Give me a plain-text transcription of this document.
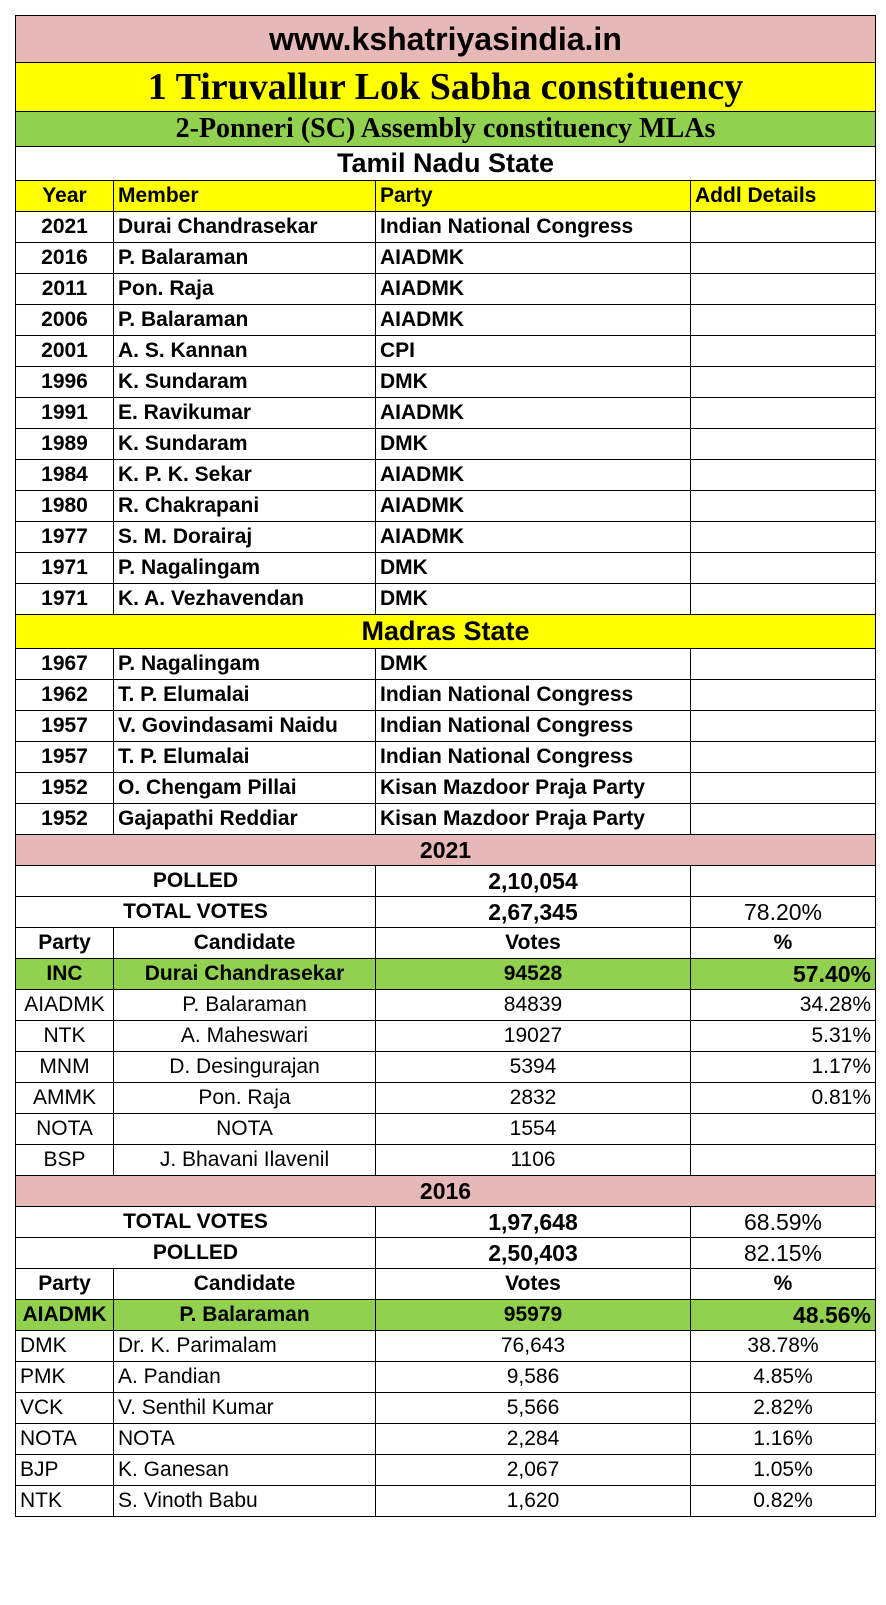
www.kshatriyasindia.in			
1 Tiruvallur Lok Sabha constituency			
2-Ponneri (SC) Assembly constituency MLAs			
Tamil Nadu State			
Year	Member	Party	Addl Details
2021	Durai Chandrasekar	Indian National Congress	
2016	P. Balaraman	AIADMK	
2011	Pon. Raja	AIADMK	
2006	P. Balaraman	AIADMK	
2001	A. S. Kannan	CPI	
1996	K. Sundaram	DMK	
1991	E. Ravikumar	AIADMK	
1989	K. Sundaram	DMK	
1984	K. P. K. Sekar	AIADMK	
1980	R. Chakrapani	AIADMK	
1977	S. M. Dorairaj	AIADMK	
1971	P. Nagalingam	DMK	
1971	K. A. Vezhavendan	DMK	
Madras State			
1967	P. Nagalingam	DMK	
1962	T. P. Elumalai	Indian National Congress	
1957	V. Govindasami Naidu	Indian National Congress	
1957	T. P. Elumalai	Indian National Congress	
1952	O. Chengam Pillai	Kisan Mazdoor Praja Party	
1952	Gajapathi Reddiar	Kisan Mazdoor Praja Party	
2021			
POLLED		2,10,054	
TOTAL VOTES		2,67,345	78.20%
Party	Candidate	Votes	%
INC	Durai Chandrasekar	94528	57.40%
AIADMK	P. Balaraman	84839	34.28%
NTK	A. Maheswari	19027	5.31%
MNM	D. Desingurajan	5394	1.17%
AMMK	Pon. Raja	2832	0.81%
NOTA	NOTA	1554	
BSP	J. Bhavani Ilavenil	1106	
2016			
TOTAL VOTES		1,97,648	68.59%
POLLED		2,50,403	82.15%
Party	Candidate	Votes	%
AIADMK	P. Balaraman	95979	48.56%
DMK	Dr. K. Parimalam	76,643	38.78%
PMK	A. Pandian	9,586	4.85%
VCK	V. Senthil Kumar	5,566	2.82%
NOTA	NOTA	2,284	1.16%
BJP	K. Ganesan	2,067	1.05%
NTK	S. Vinoth Babu	1,620	0.82%
